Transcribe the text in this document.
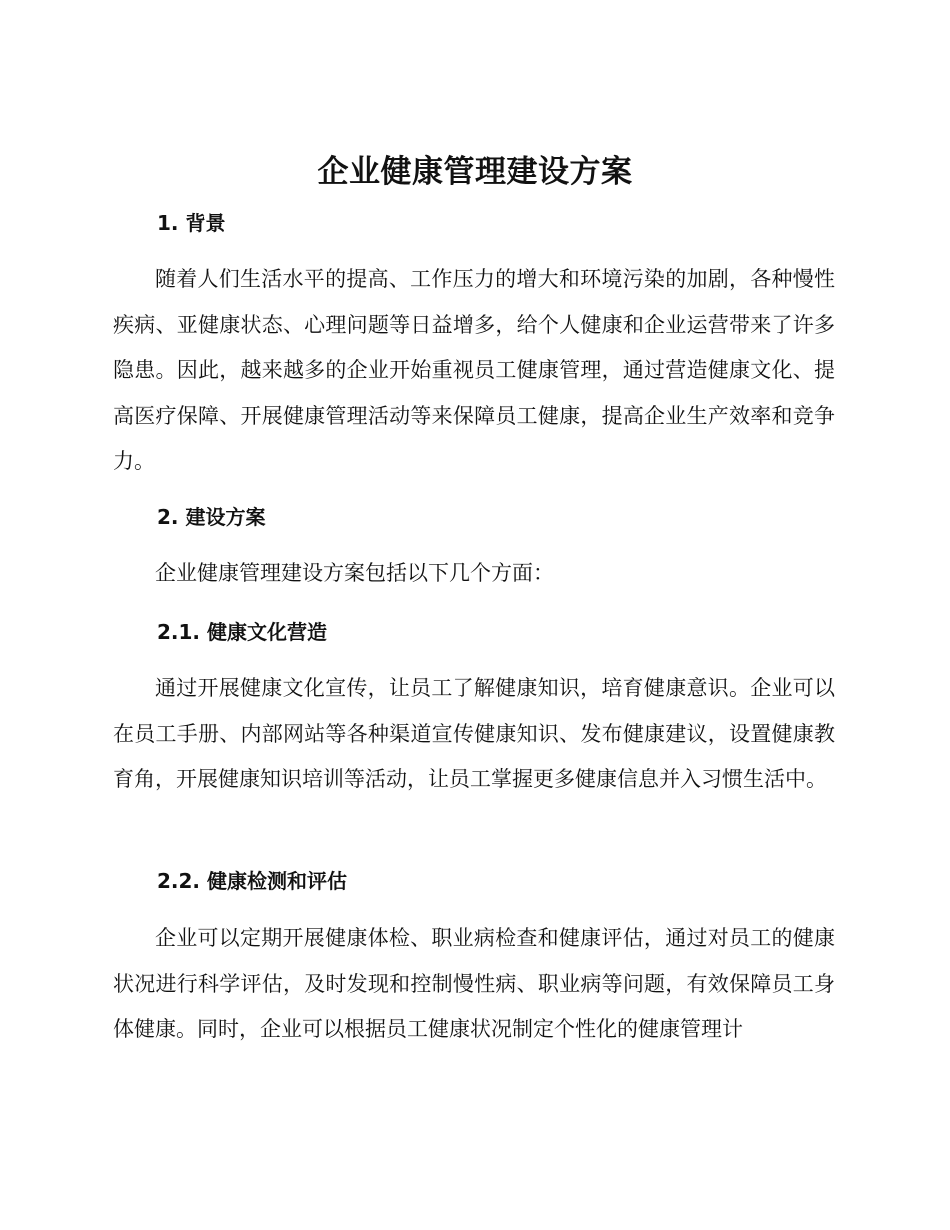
企业健康管理建设方案
1. 背景

随着人们生活水平的提高、工作压力的增大和环境污染的加剧，各种慢性疾病、亚健康状态、心理问题等日益增多，给个人健康和企业运营带来了许多隐患。因此，越来越多的企业开始重视员工健康管理，通过营造健康文化、提高医疗保障、开展健康管理活动等来保障员工健康，提高企业生产效率和竞争力。

2. 建设方案

企业健康管理建设方案包括以下几个方面：

2.1. 健康文化营造

通过开展健康文化宣传，让员工了解健康知识，培育健康意识。企业可以在员工手册、内部网站等各种渠道宣传健康知识、发布健康建议，设置健康教育角，开展健康知识培训等活动，让员工掌握更多健康信息并入习惯生活中。

2.2. 健康检测和评估

企业可以定期开展健康体检、职业病检查和健康评估，通过对员工的健康状况进行科学评估，及时发现和控制慢性病、职业病等问题，有效保障员工身体健康。同时，企业可以根据员工健康状况制定个性化的健康管理计
